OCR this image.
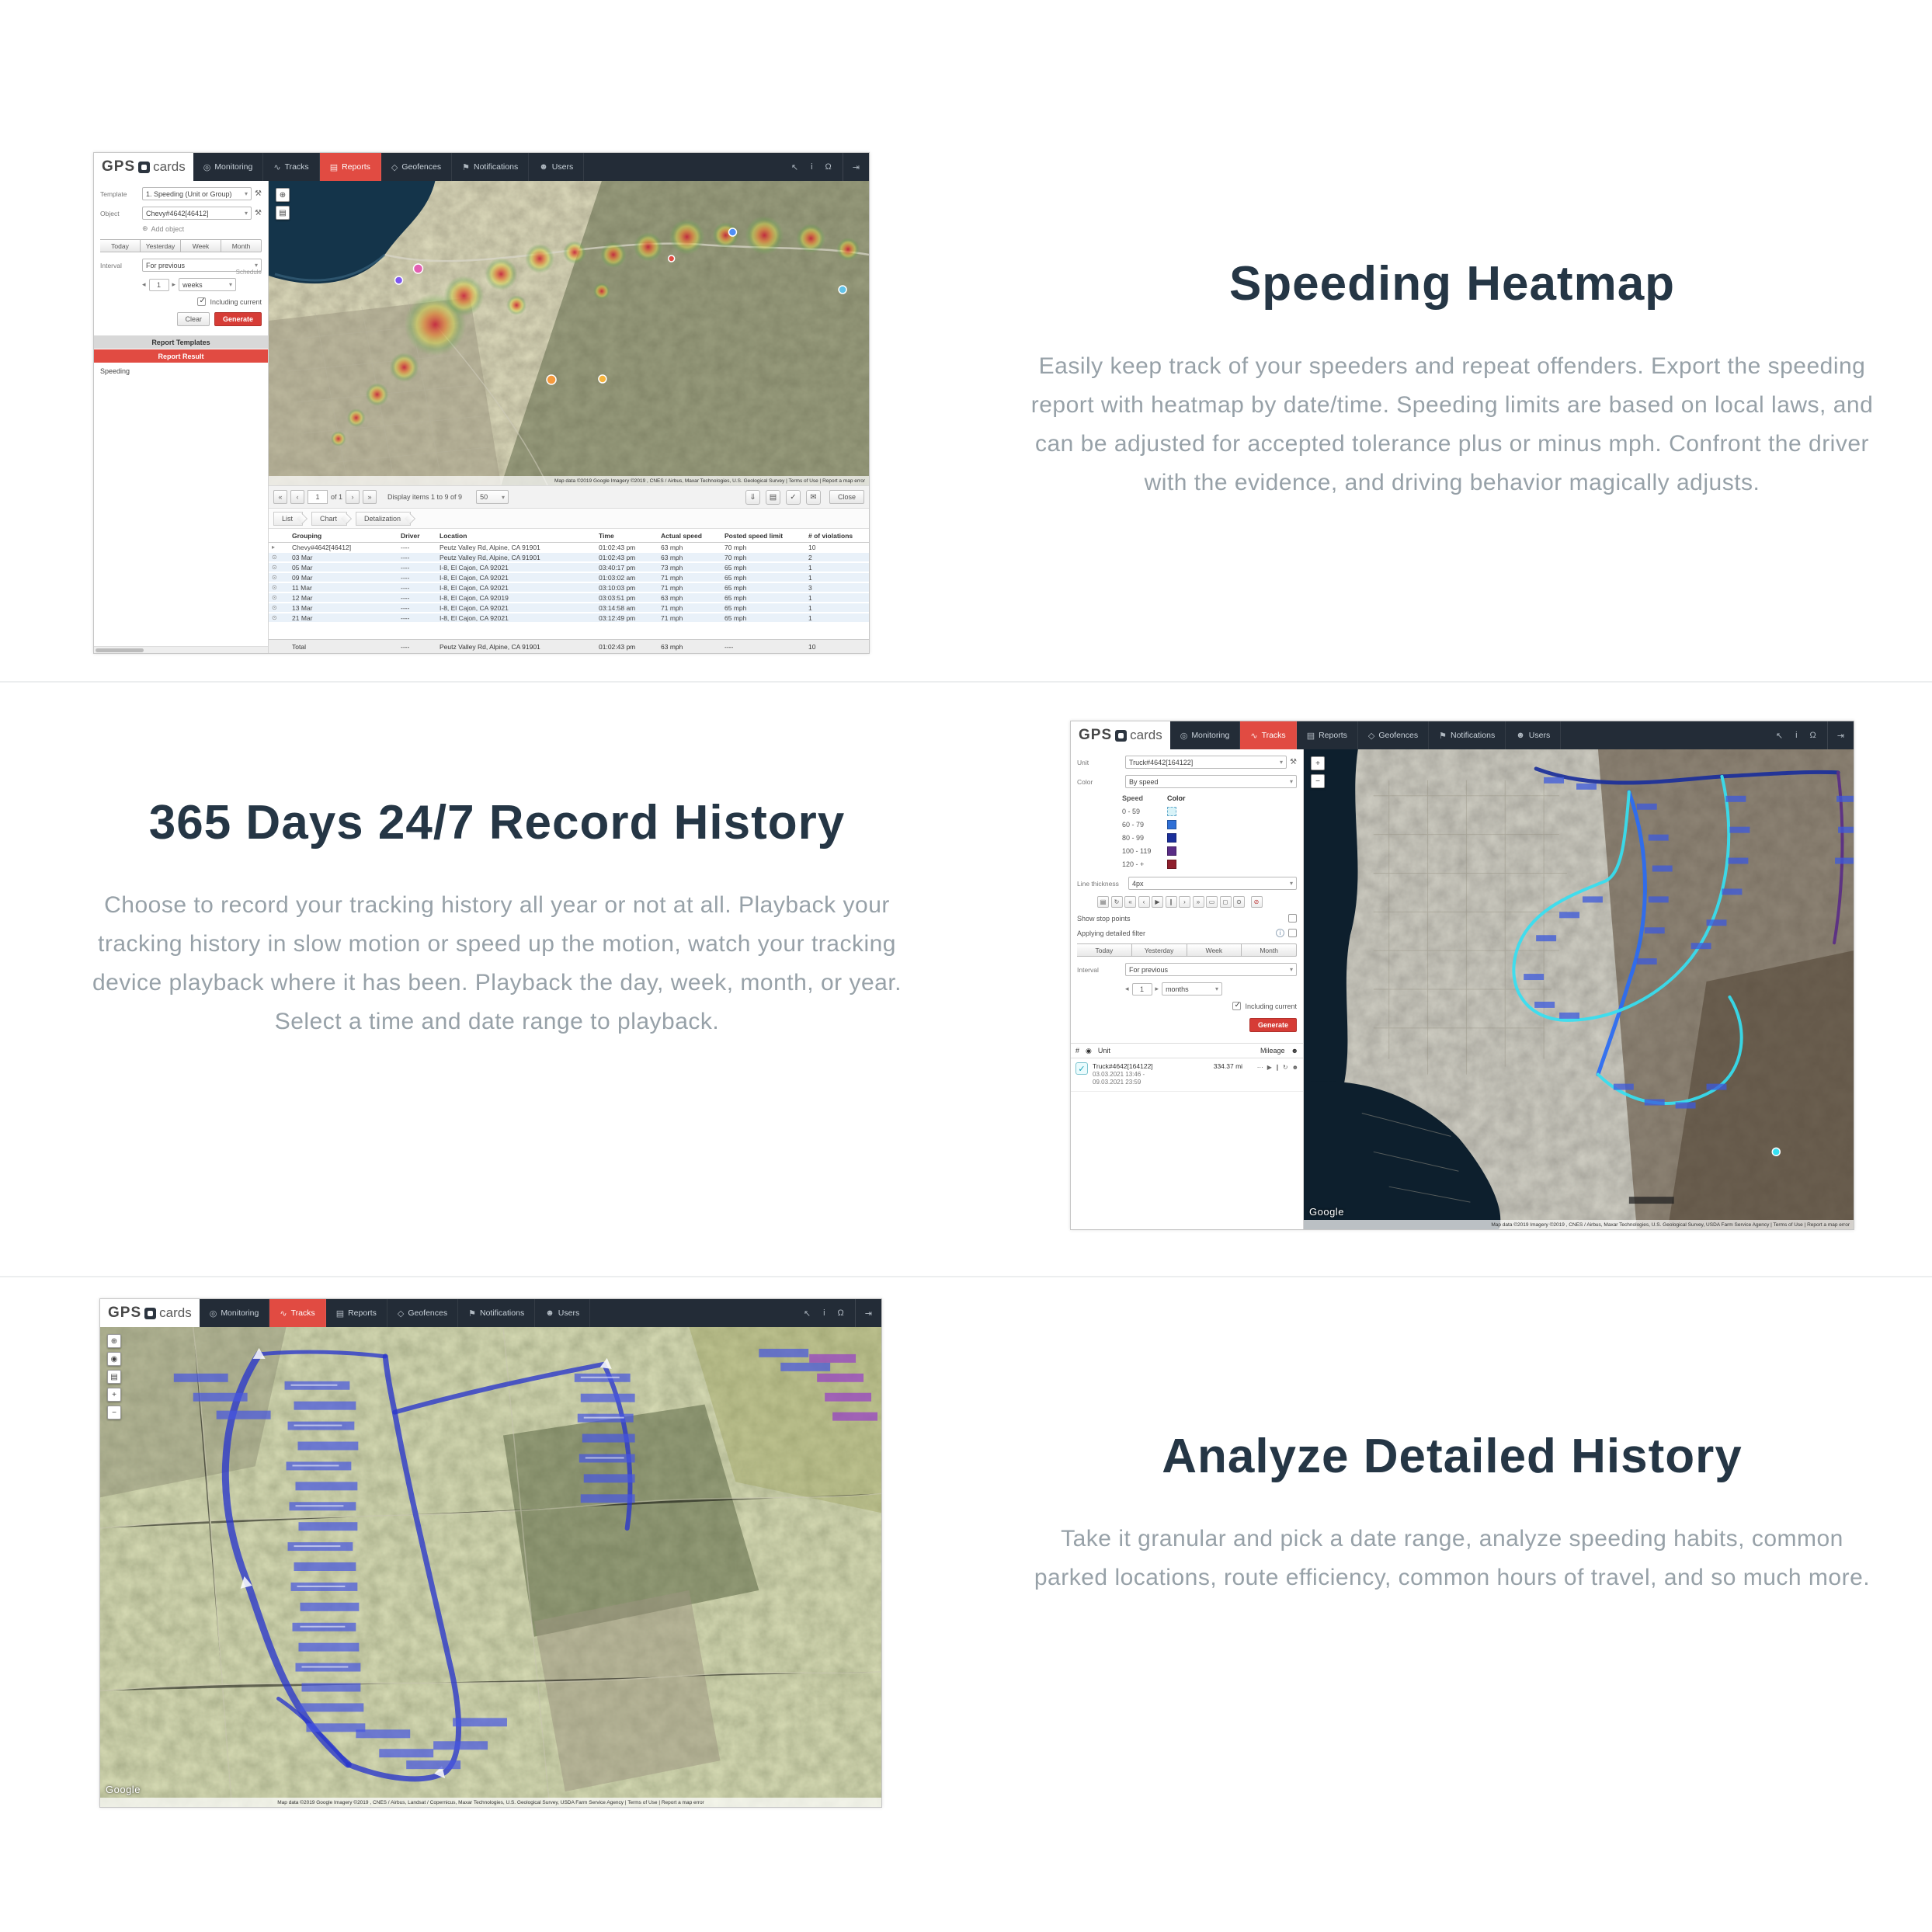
Speeding Heatmap
Easily keep track of your speeders and repeat offenders. Export the speeding report with heatmap by date/time. Speeding limits are based on local laws, and can be adjusted for accepted tolerance plus or minus mph. Confront the driver with the evidence, and driving behavior magically adjusts.
365 Days 24/7 Record History
Choose to record your tracking history all year or not at all. Playback your tracking history in slow motion or speed up the motion, watch your tracking device playback where it has been. Playback the day, week, month, or year. Select a time and date range to playback.
Analyze Detailed History
Take it granular and pick a date range, analyze speeding habits, common parked locations, route efficiency, common hours of travel, and so much more.
GPS cards ◎ Monitoring ∿ Tracks ▤ Reports ◇ Geofences ⚑ Notifications ☻ Users	↖ i Ω	⇥
Template	1. Speeding (Unit or Group) ▾ ⚒
Object	Chevy#4642[46412]	▾ ⚒
⊕ Add object
Today	Yesterday	Week	Month
Interval	For previous	▾
Schedule
◂	1	▸ weeks	▾
✓
Including current
Clear	Generate
Report Templates
Report Result
Speeding
⊕
▤
Map data ©2019 Google Imagery ©2019 , CNES / Airbus, Maxar Technologies, U.S. Geological Survey | Terms of Use | Report a map error
«	‹	1	of 1	›	»	Display items 1 to 9 of 9	50 ▾	⇓	▤	✓	✉	Close
List	Chart	Detalization
Grouping	Driver	Location	Time	Actual speed	Posted speed limit	# of violations
▸	Chevy#4642[46412]	----	Peutz Valley Rd, Alpine, CA 91901	01:02:43 pm	63 mph	70 mph	10
⊙	03 Mar	----	Peutz Valley Rd, Alpine, CA 91901	01:02:43 pm	63 mph	70 mph	2
⊙	05 Mar	----	I-8, El Cajon, CA 92021	03:40:17 pm	73 mph	65 mph	1
⊙	09 Mar	----	I-8, El Cajon, CA 92021	01:03:02 am	71 mph	65 mph	1
⊙	11 Mar	----	I-8, El Cajon, CA 92021	03:10:03 pm	71 mph	65 mph	3
⊙	12 Mar	----	I-8, El Cajon, CA 92019	03:03:51 pm	63 mph	65 mph	1
⊙	13 Mar	----	I-8, El Cajon, CA 92021	03:14:58 am	71 mph	65 mph	1
⊙	21 Mar	----	I-8, El Cajon, CA 92021	03:12:49 pm	71 mph	65 mph	1
Total	----	Peutz Valley Rd, Alpine, CA 91901	01:02:43 pm	63 mph	----	10
GPS cards ◎ Monitoring ∿ Tracks ▤ Reports ◇ Geofences ⚑ Notifications ☻ Users	↖ i Ω	⇥
Unit	Truck#4642[164122]	▾ ⚒
Color	By speed	▾
Speed	Color
0 - 59
60 - 79
80 - 99
100 - 119
120 - +
Line thickness	4px	▾
▤	↻	«	‹	▶	∥	›	»	▭	◻	⊙	⊘
Show stop points
Applying detailed filter	i
Today	Yesterday	Week	Month
Interval	For previous	▾
◂	1	▸ months	▾
✓
Including current
Generate
# ◉ Unit	Mileage ☻
✓	Truck#4642[164122]
03.03.2021 13:46 -
09.03.2021 23:59
334.37 mi	⋯ ▶ ∥ ↻ ☻
+
−
Google
Map data ©2019 Imagery ©2019 , CNES / Airbus, Maxar Technologies, U.S. Geological Survey, USDA Farm Service Agency | Terms of Use | Report a map error
GPS cards ◎ Monitoring ∿ Tracks ▤ Reports ◇ Geofences ⚑ Notifications ☻ Users	↖ i Ω	⇥
⊕
◉
▤
+
−
Google
Map data ©2019 Google Imagery ©2019 , CNES / Airbus, Landsat / Copernicus, Maxar Technologies, U.S. Geological Survey, USDA Farm Service Agency | Terms of Use | Report a map error
